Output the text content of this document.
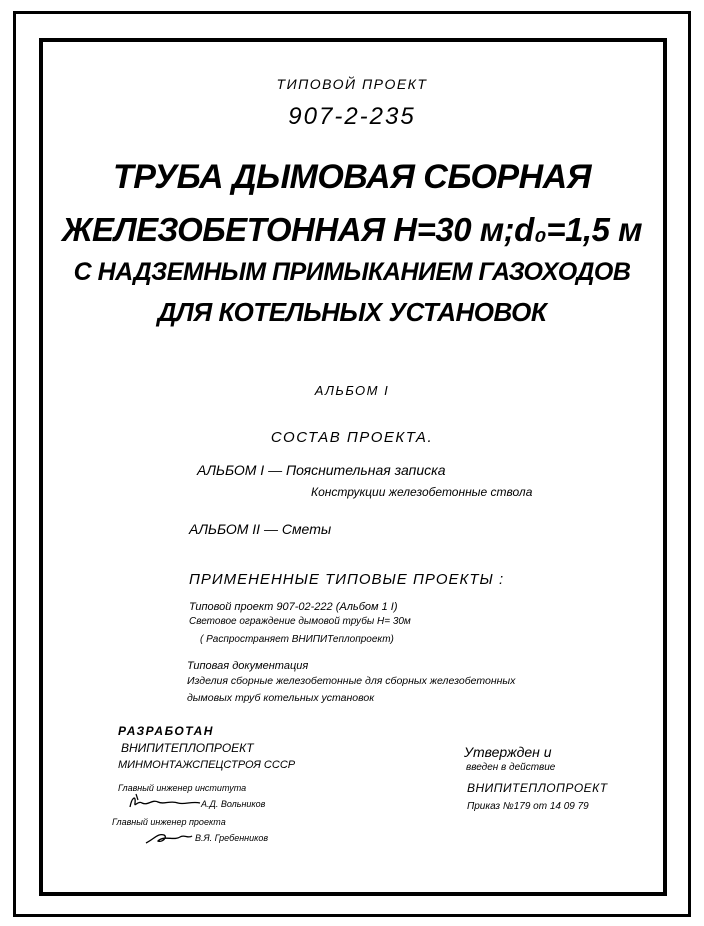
ТИПОВОЙ ПРОЕКТ
907-2-235
ТРУБА ДЫМОВАЯ СБОРНАЯ
ЖЕЛЕЗОБЕТОННАЯ Н=30 м;d₀=1,5 м
С НАДЗЕМНЫМ ПРИМЫКАНИЕМ ГАЗОХОДОВ
ДЛЯ КОТЕЛЬНЫХ УСТАНОВОК
АЛЬБОМ I
СОСТАВ ПРОЕКТА.
АЛЬБОМ I — Пояснительная записка
Конструкции железобетонные ствола
АЛЬБОМ II — Сметы
ПРИМЕНЕННЫЕ ТИПОВЫЕ ПРОЕКТЫ :
Типовой проект 907-02-222 (Альбом 1 I)
Световое ограждение дымовой трубы Н= 30м
( Распространяет ВНИПИТеплопроект)
Типовая документация
Изделия сборные железобетонные для сборных железобетонных
дымовых труб котельных установок
РАЗРАБОТАН
ВНИПИТЕПЛОПРОЕКТ
МИНМОНТАЖСПЕЦСТРОЯ СССР
Главный инженер института
А.Д. Вольников
Главный инженер проекта
В.Я. Гребенников
Утвержден и
введен в действие
ВНИПИТЕПЛОПРОЕКТ
Приказ №179 от 14 09 79
